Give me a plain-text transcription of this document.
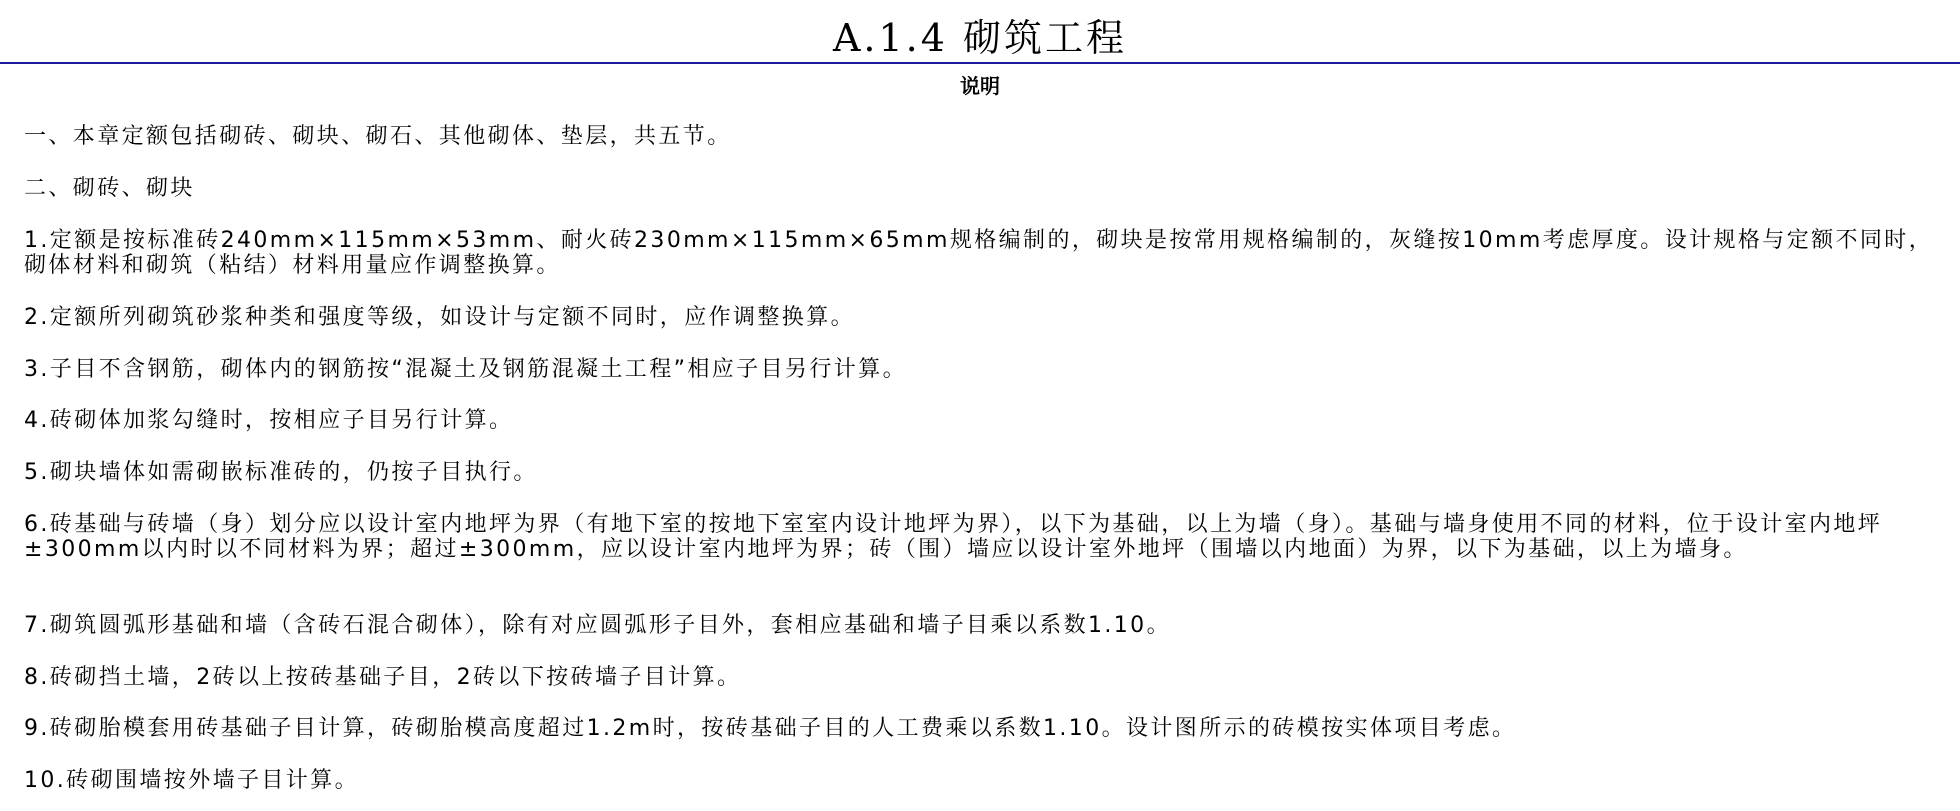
A.1.4 砌筑工程
说明
一、本章定额包括砌砖、砌块、砌石、其他砌体、垫层，共五节。
二、砌砖、砌块
1.定额是按标准砖240mm×115mm×53mm、耐火砖230mm×115mm×65mm规格编制的，砌块是按常用规格编制的，灰缝按10mm考虑厚度。设计规格与定额不同时，砌体材料和砌筑（粘结）材料用量应作调整换算。
2.定额所列砌筑砂浆种类和强度等级，如设计与定额不同时，应作调整换算。
3.子目不含钢筋，砌体内的钢筋按“混凝土及钢筋混凝土工程”相应子目另行计算。
4.砖砌体加浆勾缝时，按相应子目另行计算。
5.砌块墙体如需砌嵌标准砖的，仍按子目执行。
6.砖基础与砖墙（身）划分应以设计室内地坪为界（有地下室的按地下室室内设计地坪为界），以下为基础，以上为墙（身）。基础与墙身使用不同的材料，位于设计室内地坪±300mm以内时以不同材料为界；超过±300mm，应以设计室内地坪为界；砖（围）墙应以设计室外地坪（围墙以内地面）为界，以下为基础，以上为墙身。
7.砌筑圆弧形基础和墙（含砖石混合砌体），除有对应圆弧形子目外，套相应基础和墙子目乘以系数1.10。
8.砖砌挡土墙，2砖以上按砖基础子目，2砖以下按砖墙子目计算。
9.砖砌胎模套用砖基础子目计算，砖砌胎模高度超过1.2m时，按砖基础子目的人工费乘以系数1.10。设计图所示的砖模按实体项目考虑。
10.砖砌围墙按外墙子目计算。
